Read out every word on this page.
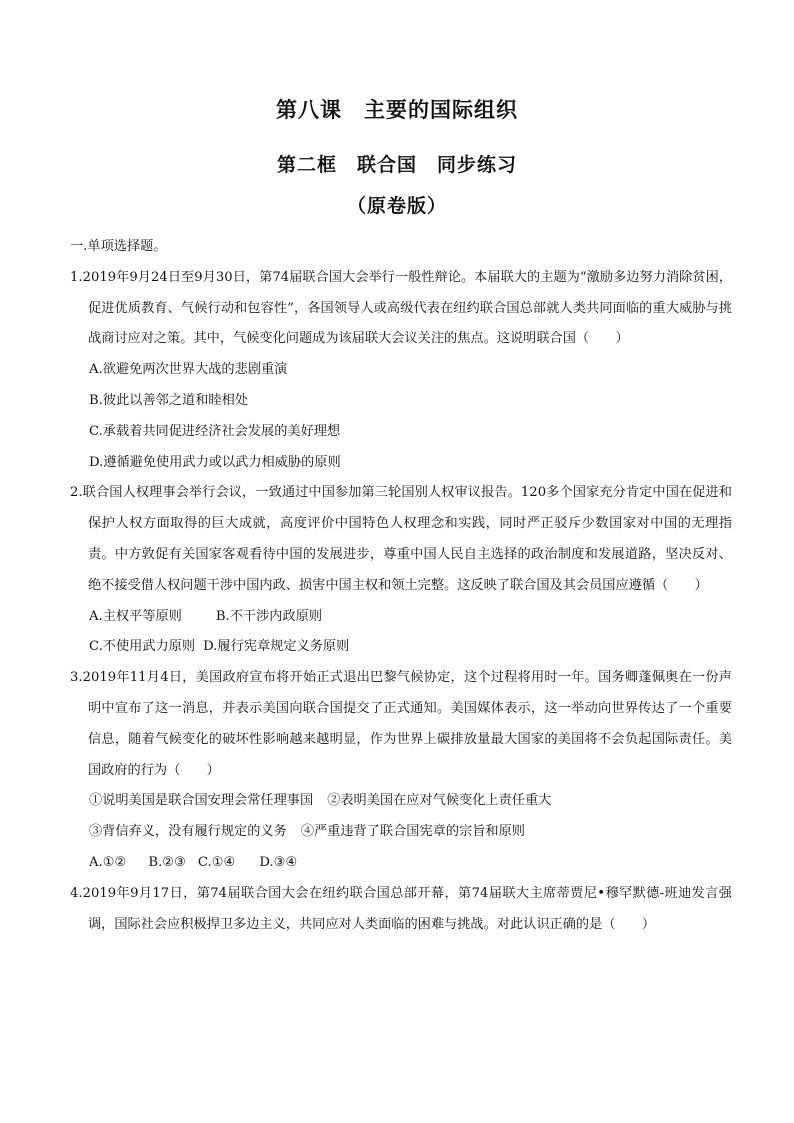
第八课　主要的国际组织
第二框　联合国　同步练习
（原卷版）

一.单项选择题。

1.2019年9月24日至9月30日，第74届联合国大会举行一般性辩论。本届联大的主题为“激励多边努力消除贫困，促进优质教育、气候行动和包容性”，各国领导人或高级代表在纽约联合国总部就人类共同面临的重大威胁与挑战商讨应对之策。其中，气候变化问题成为该届联大会议关注的焦点。这说明联合国（　　）

A.欲避免两次世界大战的悲剧重演

B.彼此以善邻之道和睦相处

C.承载着共同促进经济社会发展的美好理想

D.遵循避免使用武力或以武力相威胁的原则

2.联合国人权理事会举行会议，一致通过中国参加第三轮国别人权审议报告。120多个国家充分肯定中国在促进和保护人权方面取得的巨大成就，高度评价中国特色人权理念和实践，同时严正驳斥少数国家对中国的无理指责。中方敦促有关国家客观看待中国的发展进步，尊重中国人民自主选择的政治制度和发展道路，坚决反对、绝不接受借人权问题干涉中国内政、损害中国主权和领土完整。这反映了联合国及其会员国应遵循（　　）

A.主权平等原则	B.不干涉内政原则

C.不使用武力原则 D.履行宪章规定义务原则

3.2019年11月4日，美国政府宣布将开始正式退出巴黎气候协定，这个过程将用时一年。国务卿蓬佩奥在一份声明中宣布了这一消息，并表示美国向联合国提交了正式通知。美国媒体表示，这一举动向世界传达了一个重要信息，随着气候变化的破坏性影响越来越明显，作为世界上碳排放量最大国家的美国将不会负起国际责任。美国政府的行为（　　）

①说明美国是联合国安理会常任理事国 ②表明美国在应对气候变化上责任重大

③背信弃义，没有履行规定的义务 ④严重违背了联合国宪章的宗旨和原则

A.①② B.②③ C.①④ D.③④

4.2019年9月17日，第74届联合国大会在纽约联合国总部开幕，第74届联大主席蒂贾尼•穆罕默德-班迪发言强调，国际社会应积极捍卫多边主义，共同应对人类面临的困难与挑战。对此认识正确的是（　　）
